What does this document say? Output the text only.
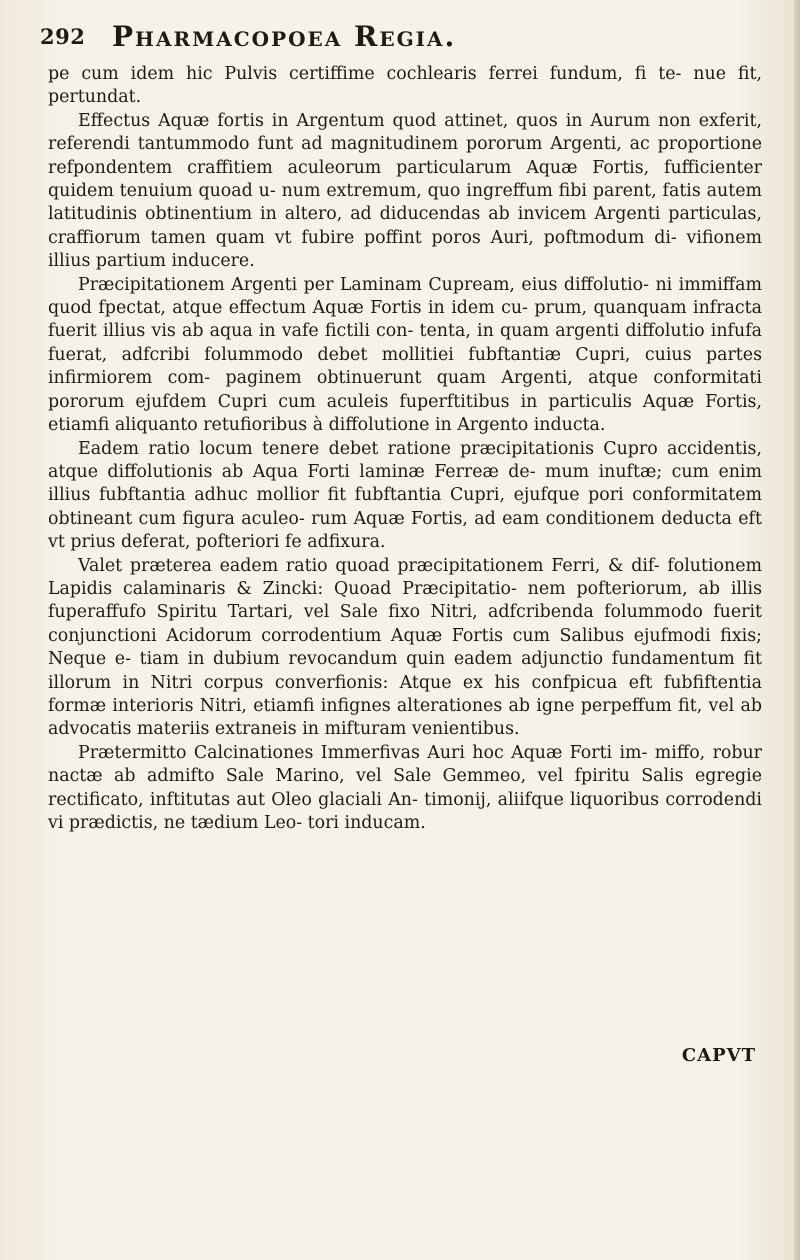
292 Pharmacopoea Regia.

pe cum idem hic Pulvis certiffime cochlearis ferrei fundum, fi te- nue fit, pertundat.

Effectus Aquæ fortis in Argentum quod attinet, quos in Aurum non exferit, referendi tantummodo funt ad magnitudinem pororum Argenti, ac proportione refpondentem craffitiem aculeorum particularum Aquæ Fortis, fufficienter quidem tenuium quoad u- num extremum, quo ingreffum fibi parent, fatis autem latitudinis obtinentium in altero, ad diducendas ab invicem Argenti particulas, craffiorum tamen quam vt fubire poffint poros Auri, poftmodum di- vifionem illius partium inducere.

Præcipitationem Argenti per Laminam Cupream, eius diffolutio- ni immiffam quod fpectat, atque effectum Aquæ Fortis in idem cu- prum, quanquam infracta fuerit illius vis ab aqua in vafe fictili con- tenta, in quam argenti diffolutio infufa fuerat, adfcribi folummodo debet mollitiei fubftantiæ Cupri, cuius partes infirmiorem com- paginem obtinuerunt quam Argenti, atque conformitati pororum ejufdem Cupri cum aculeis fuperftitibus in particulis Aquæ Fortis, etiamfi aliquanto retufioribus à diffolutione in Argento inducta.

Eadem ratio locum tenere debet ratione præcipitationis Cupro accidentis, atque diffolutionis ab Aqua Forti laminæ Ferreæ de- mum inuftæ; cum enim illius fubftantia adhuc mollior fit fubftantia Cupri, ejufque pori conformitatem obtineant cum figura aculeo- rum Aquæ Fortis, ad eam conditionem deducta eft vt prius deferat, pofteriori fe adfixura.

Valet præterea eadem ratio quoad præcipitationem Ferri, & dif- folutionem Lapidis calaminaris & Zincki: Quoad Præcipitatio- nem pofteriorum, ab illis fuperaffufo Spiritu Tartari, vel Sale fixo Nitri, adfcribenda folummodo fuerit conjunctioni Acidorum corrodentium Aquæ Fortis cum Salibus ejufmodi fixis; Neque e- tiam in dubium revocandum quin eadem adjunctio fundamentum fit illorum in Nitri corpus converfionis: Atque ex his confpicua eft fubfiftentia formæ interioris Nitri, etiamfi infignes alterationes ab igne perpeffum fit, vel ab advocatis materiis extraneis in mifturam venientibus.

Prætermitto Calcinationes Immerfivas Auri hoc Aquæ Forti im- miffo, robur nactæ ab admifto Sale Marino, vel Sale Gemmeo, vel fpiritu Salis egregie rectificato, inftitutas aut Oleo glaciali An- timonij, aliifque liquoribus corrodendi vi prædictis, ne tædium Leo- tori inducam.

CAPVT
